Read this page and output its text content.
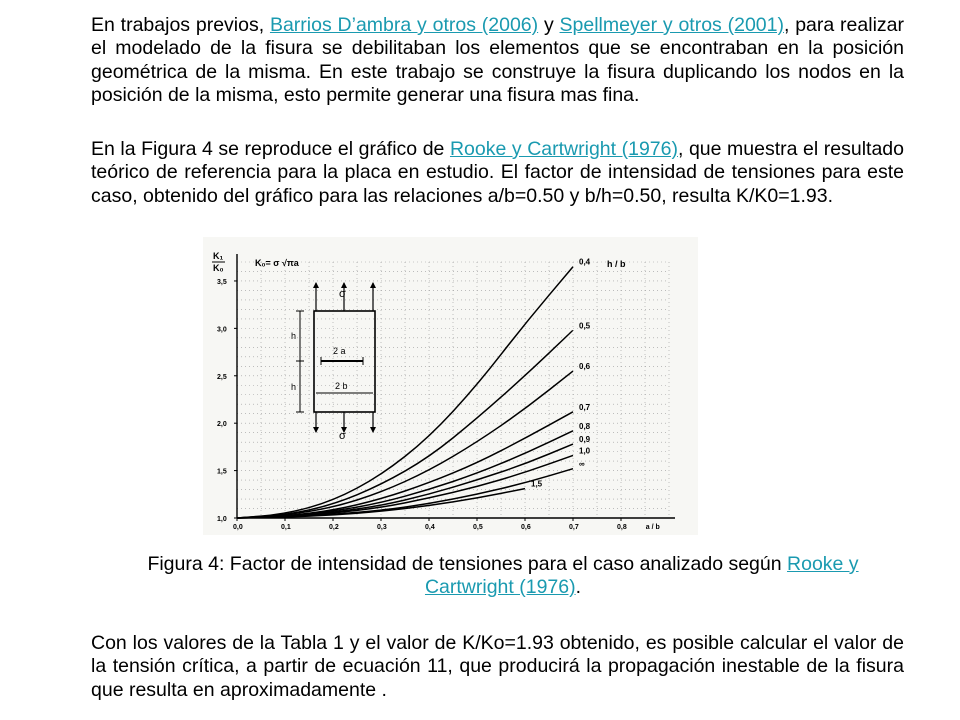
En trabajos previos, Barrios D’ambra y otros (2006) y Spellmeyer y otros (2001), para realizar el modelado de la fisura se debilitaban los elementos que se encontraban en la posición geométrica de la misma. En este trabajo se construye la fisura duplicando los nodos en la posición de la misma, esto permite generar una fisura mas fina.

En la Figura 4 se reproduce el gráfico de Rooke y Cartwright (1976), que muestra el resultado teórico de referencia para la placa en estudio. El factor de intensidad de tensiones para este caso, obtenido del gráfico para las relaciones a/b=0.50 y b/h=0.50, resulta K/K0=1.93.

0,4
0,5
0,6
0,7
0,8
0,9
1,0
1,5
∞
0,0	0,1	0,2	0,3	0,4	0,5	0,6	0,7	0,8	a / b
1,0
1,5
2,0
2,5
3,0
3,5
K₁
K₀	K₀= σ √πa	h / b
σ
σ
h
h
2 a
2 b

Figura 4: Factor de intensidad de tensiones para el caso analizado según Rooke y Cartwright (1976).

Con los valores de la Tabla 1 y el valor de K/Ko=1.93 obtenido, es posible calcular el valor de la tensión crítica, a partir de ecuación 11, que producirá la propagación inestable de la fisura que resulta en aproximadamente .
